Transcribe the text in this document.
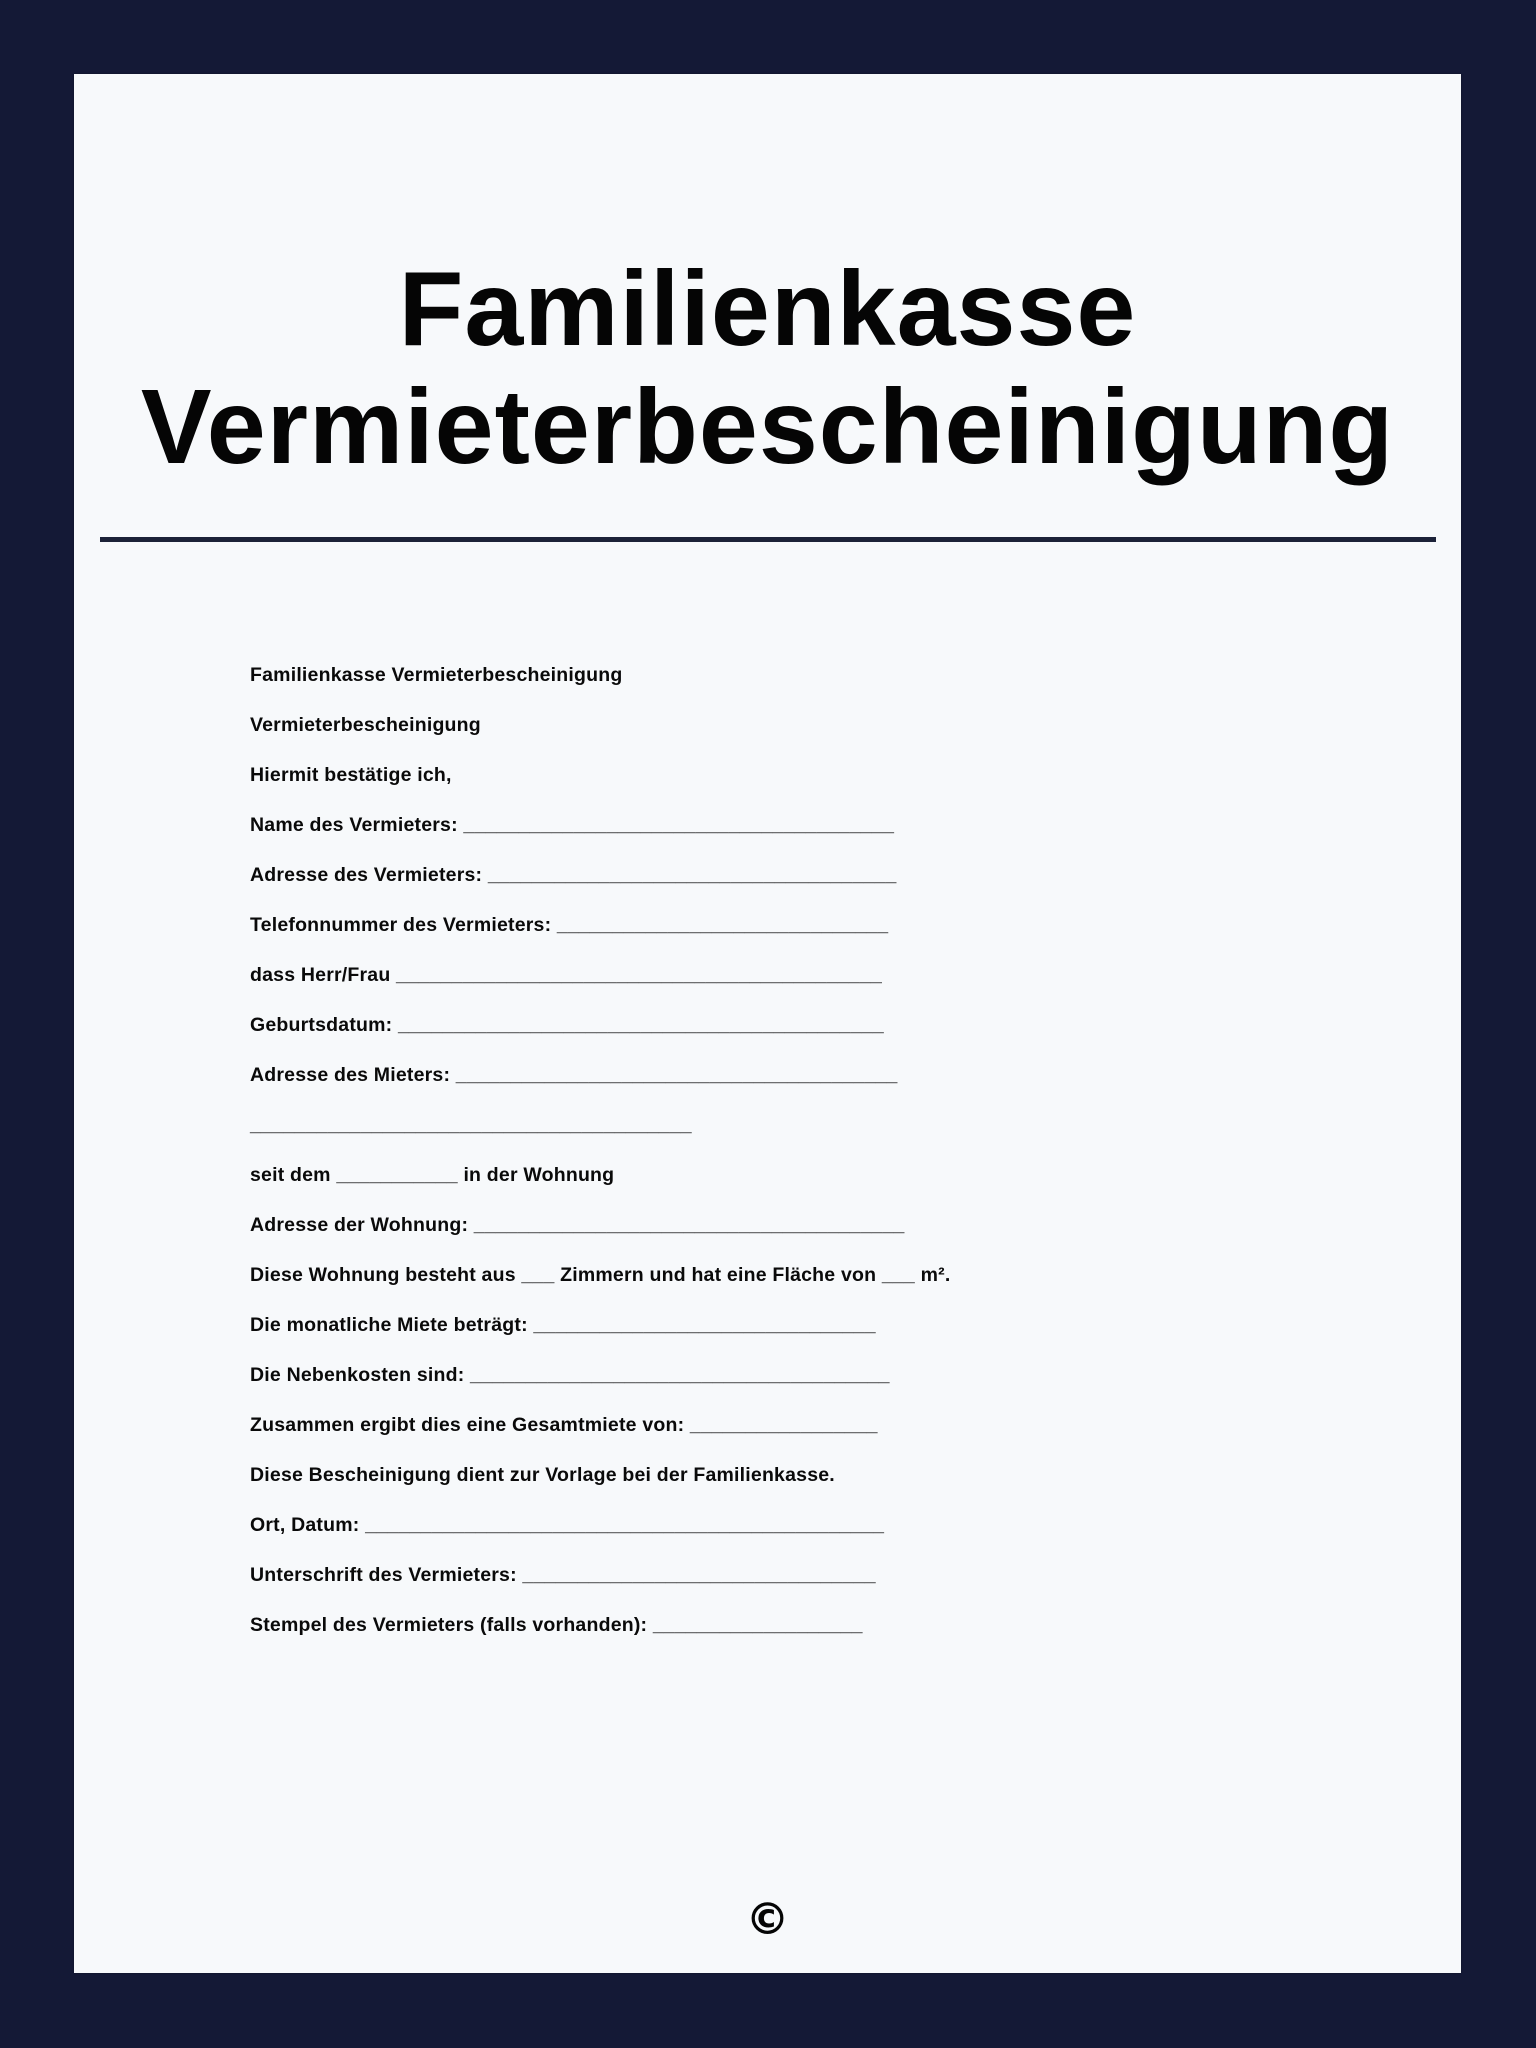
Familienkasse
Vermieterbescheinigung
Familienkasse Vermieterbescheinigung
Vermieterbescheinigung
Hiermit bestätige ich,
Name des Vermieters: _______________________________________
Adresse des Vermieters: _____________________________________
Telefonnummer des Vermieters: ______________________________
dass Herr/Frau ____________________________________________
Geburtsdatum: ____________________________________________
Adresse des Mieters: ________________________________________
________________________________________
seit dem ___________ in der Wohnung
Adresse der Wohnung: _______________________________________
Diese Wohnung besteht aus ___ Zimmern und hat eine Fläche von ___ m².
Die monatliche Miete beträgt: _______________________________
Die Nebenkosten sind: ______________________________________
Zusammen ergibt dies eine Gesamtmiete von: _________________
Diese Bescheinigung dient zur Vorlage bei der Familienkasse.
Ort, Datum: _______________________________________________
Unterschrift des Vermieters: ________________________________
Stempel des Vermieters (falls vorhanden): ___________________
©
